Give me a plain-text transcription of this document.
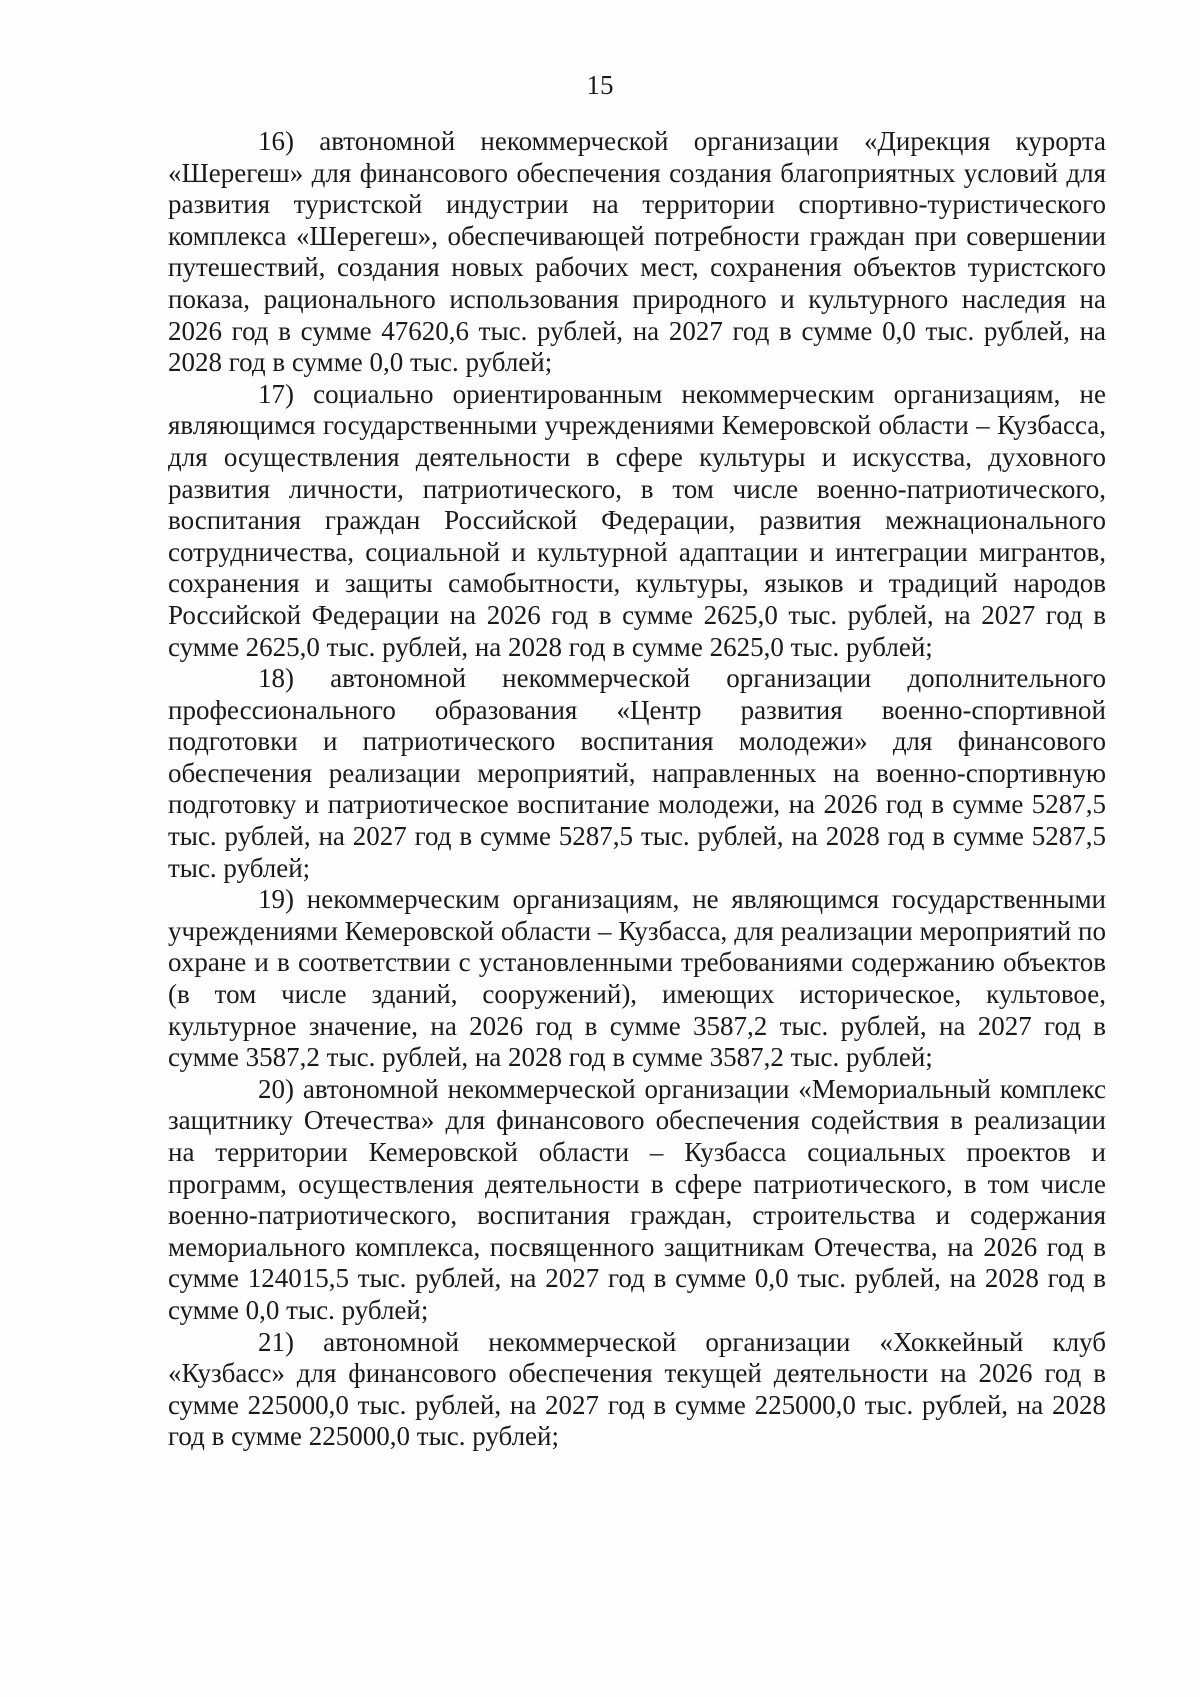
15

16) автономной некоммерческой организации «Дирекция курорта «Шерегеш» для финансового обеспечения создания благоприятных условий для развития туристской индустрии на территории спортивно-туристического комплекса «Шерегеш», обеспечивающей потребности граждан при совершении путешествий, создания новых рабочих мест, сохранения объектов туристского показа, рационального использования природного и культурного наследия на 2026 год в сумме 47620,6 тыс. рублей, на 2027 год в сумме 0,0 тыс. рублей, на 2028 год в сумме 0,0 тыс. рублей;

17) социально ориентированным некоммерческим организациям, не являющимся государственными учреждениями Кемеровской области – Кузбасса, для осуществления деятельности в сфере культуры и искусства, духовного развития личности, патриотического, в том числе военно-патриотического, воспитания граждан Российской Федерации, развития межнационального сотрудничества, социальной и культурной адаптации и интеграции мигрантов, сохранения и защиты самобытности, культуры, языков и традиций народов Российской Федерации на 2026 год в сумме 2625,0 тыс. рублей, на 2027 год в сумме 2625,0 тыс. рублей, на 2028 год в сумме 2625,0 тыс. рублей;

18) автономной некоммерческой организации дополнительного профессионального образования «Центр развития военно-спортивной подготовки и патриотического воспитания молодежи» для финансового обеспечения реализации мероприятий, направленных на военно-спортивную подготовку и патриотическое воспитание молодежи, на 2026 год в сумме 5287,5 тыс. рублей, на 2027 год в сумме 5287,5 тыс. рублей, на 2028 год в сумме 5287,5 тыс. рублей;

19) некоммерческим организациям, не являющимся государственными учреждениями Кемеровской области – Кузбасса, для реализации мероприятий по охране и в соответствии с установленными требованиями содержанию объектов (в том числе зданий, сооружений), имеющих историческое, культовое, культурное значение, на 2026 год в сумме 3587,2 тыс. рублей, на 2027 год в сумме 3587,2 тыс. рублей, на 2028 год в сумме 3587,2 тыс. рублей;

20) автономной некоммерческой организации «Мемориальный комплекс защитнику Отечества» для финансового обеспечения содействия в реализации на территории Кемеровской области – Кузбасса социальных проектов и программ, осуществления деятельности в сфере патриотического, в том числе военно-патриотического, воспитания граждан, строительства и содержания мемориального комплекса, посвященного защитникам Отечества, на 2026 год в сумме 124015,5 тыс. рублей, на 2027 год в сумме 0,0 тыс. рублей, на 2028 год в сумме 0,0 тыс. рублей;

21) автономной некоммерческой организации «Хоккейный клуб «Кузбасс» для финансового обеспечения текущей деятельности на 2026 год в сумме 225000,0 тыс. рублей, на 2027 год в сумме 225000,0 тыс. рублей, на 2028 год в сумме 225000,0 тыс. рублей;
